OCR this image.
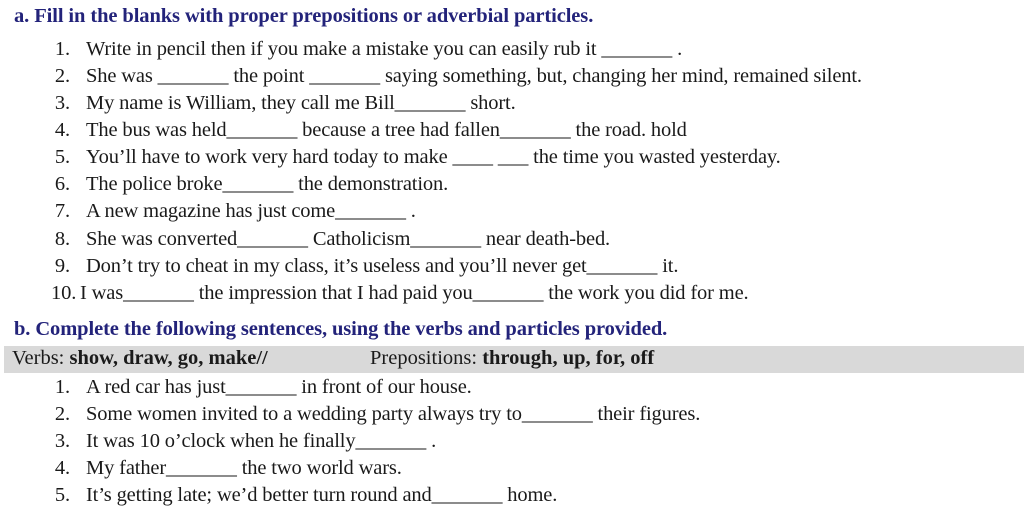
a. Fill in the blanks with proper prepositions or adverbial particles.
1. Write in pencil then if you make a mistake you can easily rub it _______ .
2. She was _______ the point _______ saying something, but, changing her mind, remained silent.
3. My name is William, they call me Bill_______ short.
4. The bus was held_______ because a tree had fallen_______ the road. hold
5. You’ll have to work very hard today to make ____ ___ the time you wasted yesterday.
6. The police broke_______ the demonstration.
7. A new magazine has just come_______ .
8. She was converted_______ Catholicism_______ near death-bed.
9. Don’t try to cheat in my class, it’s useless and you’ll never get_______ it.
10. I was_______ the impression that I had paid you_______ the work you did for me.
b. Complete the following sentences, using the verbs and particles provided.
Verbs: show, draw, go, make//	Prepositions: through, up, for, off
1. A red car has just_______ in front of our house.
2. Some women invited to a wedding party always try to_______ their figures.
3. It was 10 o’clock when he finally_______ .
4. My father_______ the two world wars.
5. It’s getting late; we’d better turn round and_______ home.
